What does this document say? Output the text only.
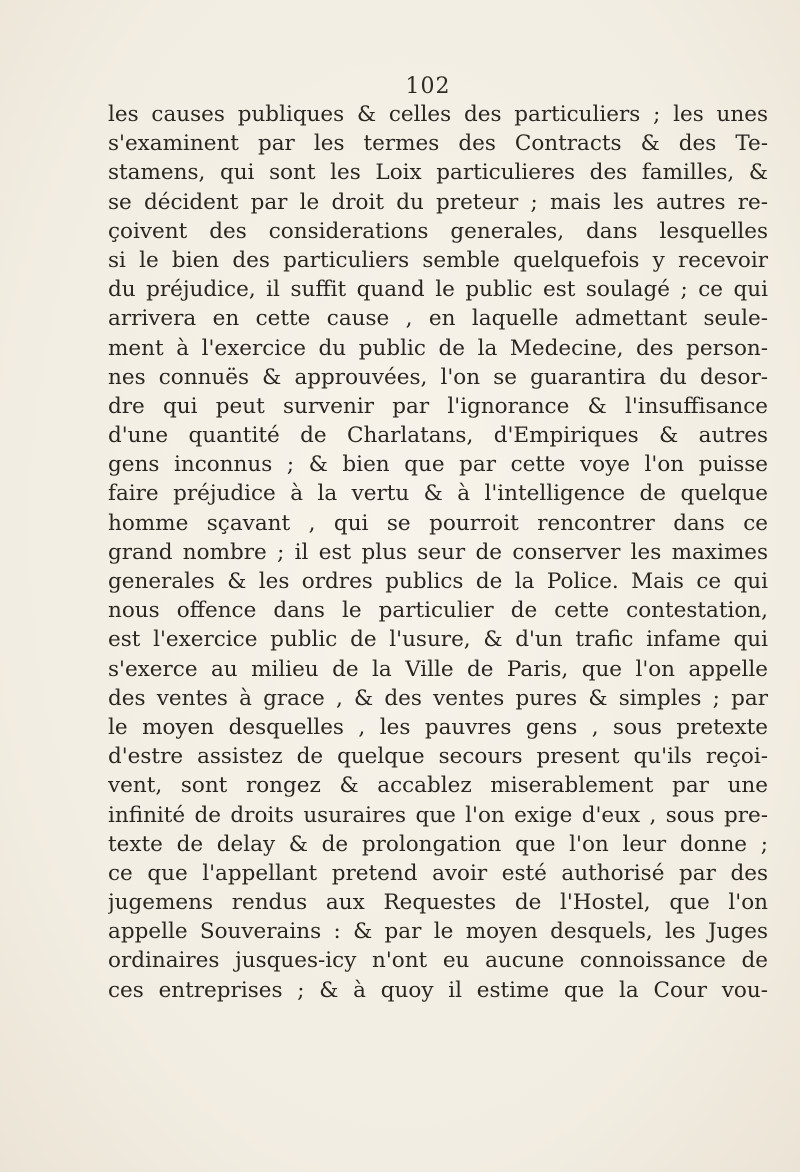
102
les causes publiques & celles des particuliers ; les unes
s'examinent par les termes des Contracts & des Te-
stamens, qui sont les Loix particulieres des familles, &
se décident par le droit du preteur ; mais les autres re-
çoivent des considerations generales, dans lesquelles
si le bien des particuliers semble quelquefois y recevoir
du préjudice, il suffit quand le public est soulagé ; ce qui
arrivera en cette cause , en laquelle admettant seule-
ment à l'exercice du public de la Medecine, des person-
nes connuës & approuvées, l'on se guarantira du desor-
dre qui peut survenir par l'ignorance & l'insuffisance
d'une quantité de Charlatans, d'Empiriques & autres
gens inconnus ; & bien que par cette voye l'on puisse
faire préjudice à la vertu & à l'intelligence de quelque
homme sçavant , qui se pourroit rencontrer dans ce
grand nombre ; il est plus seur de conserver les maximes
generales & les ordres publics de la Police. Mais ce qui
nous offence dans le particulier de cette contestation,
est l'exercice public de l'usure, & d'un trafic infame qui
s'exerce au milieu de la Ville de Paris, que l'on appelle
des ventes à grace , & des ventes pures & simples ; par
le moyen desquelles , les pauvres gens , sous pretexte
d'estre assistez de quelque secours present qu'ils reçoi-
vent, sont rongez & accablez miserablement par une
infinité de droits usuraires que l'on exige d'eux , sous pre-
texte de delay & de prolongation que l'on leur donne ;
ce que l'appellant pretend avoir esté authorisé par des
jugemens rendus aux Requestes de l'Hostel, que l'on
appelle Souverains : & par le moyen desquels, les Juges
ordinaires jusques-icy n'ont eu aucune connoissance de
ces entreprises ; & à quoy il estime que la Cour vou-
